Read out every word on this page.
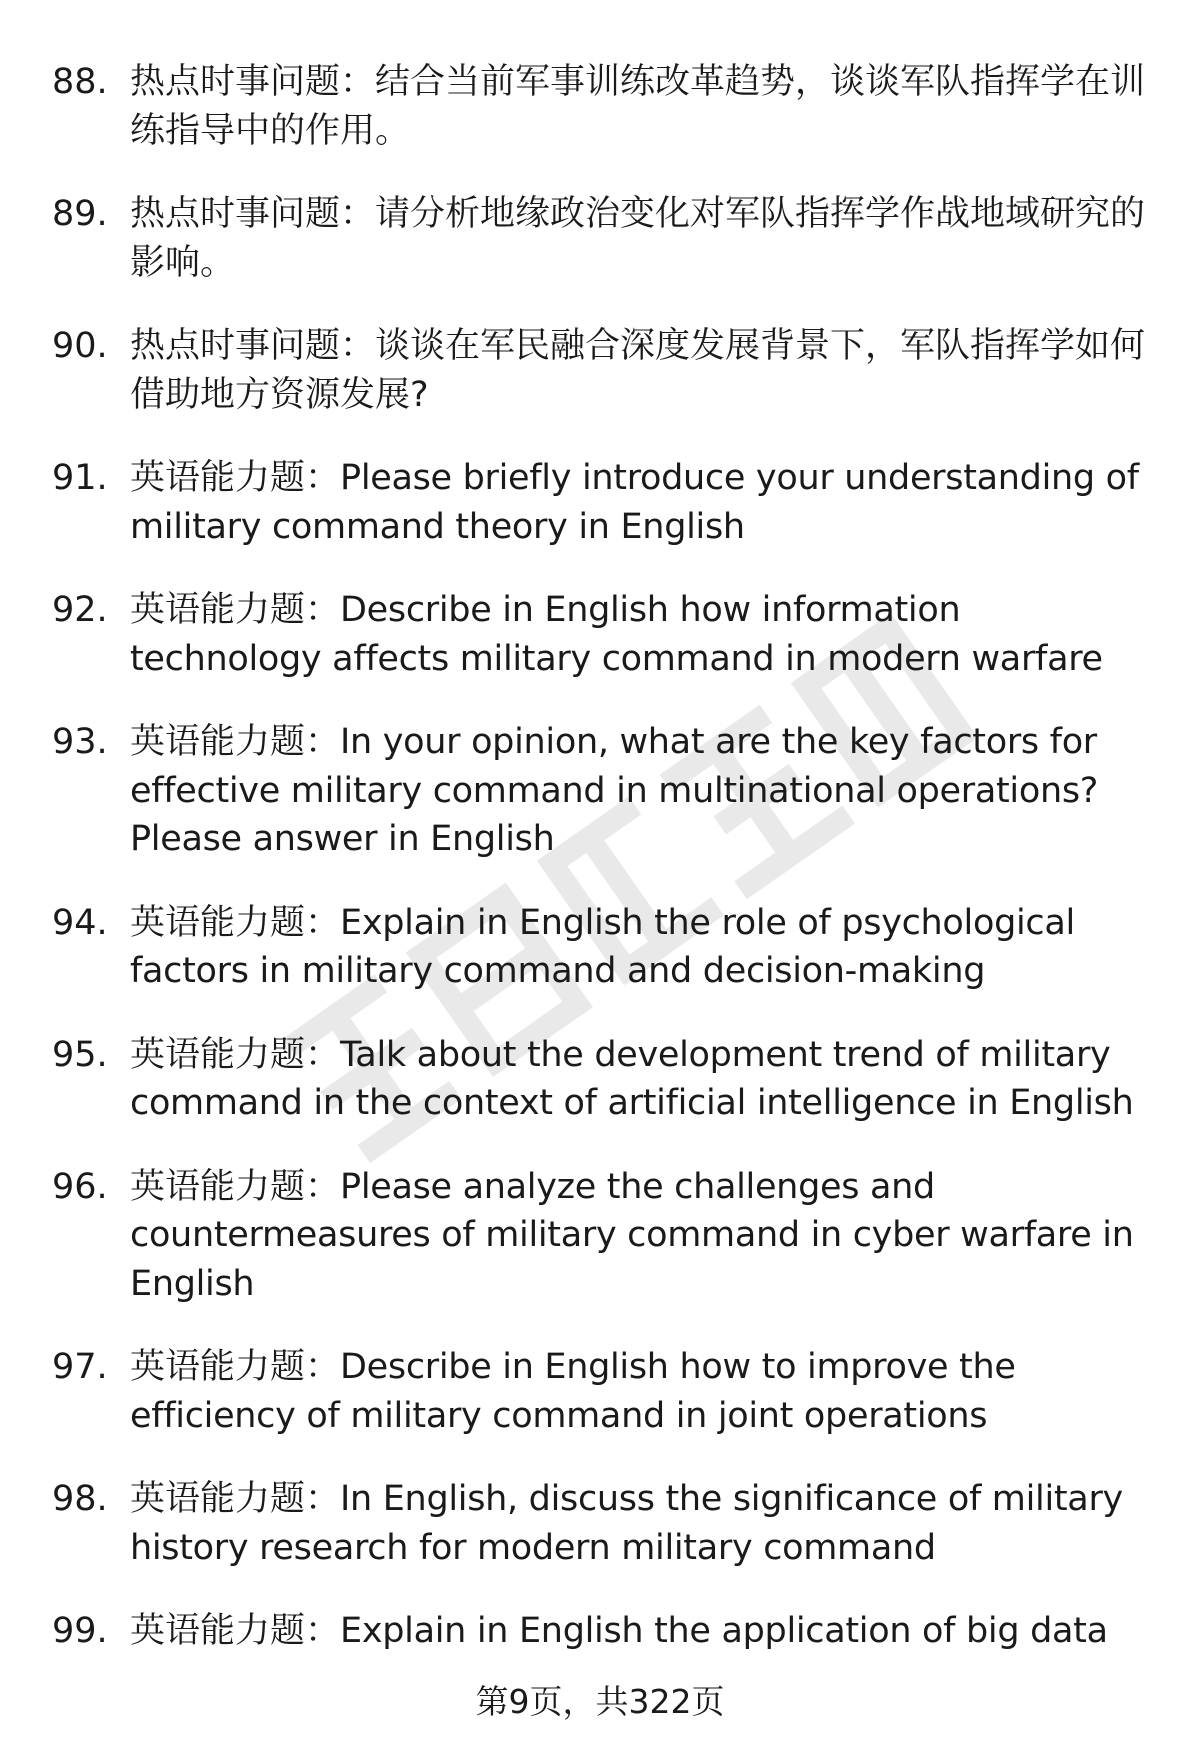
88. 热点时事问题：结合当前军事训练改革趋势，谈谈军队指挥学在训练指导中的作用。
89. 热点时事问题：请分析地缘政治变化对军队指挥学作战地域研究的影响。
90. 热点时事问题：谈谈在军民融合深度发展背景下，军队指挥学如何借助地方资源发展?
91. 英语能力题：Please briefly introduce your understanding of military command theory in English
92. 英语能力题：Describe in English how information technology affects military command in modern warfare
93. 英语能力题：In your opinion, what are the key factors for effective military command in multinational operations? Please answer in English
94. 英语能力题：Explain in English the role of psychological factors in military command and decision-making
95. 英语能力题：Talk about the development trend of military command in the context of artificial intelligence in English
96. 英语能力题：Please analyze the challenges and countermeasures of military command in cyber warfare in English
97. 英语能力题：Describe in English how to improve the efficiency of military command in joint operations
98. 英语能力题：In English, discuss the significance of military history research for modern military command
99. 英语能力题：Explain in English the application of big data
第9页，共322页
